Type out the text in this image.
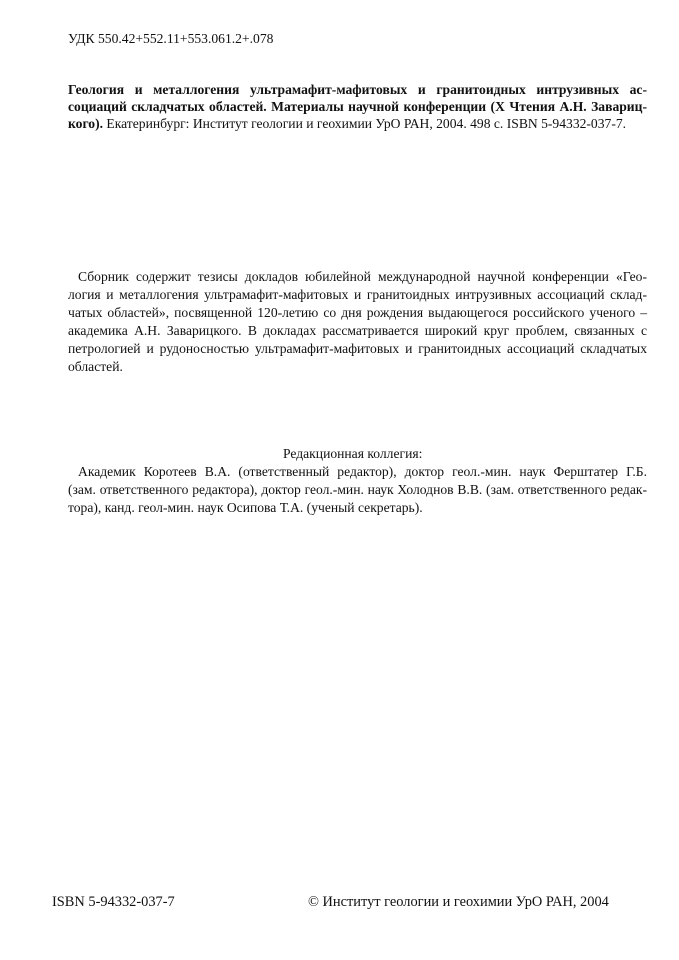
УДК 550.42+552.11+553.061.2+.078
Геология и металлогения ультрамафит-мафитовых и гранитоидных интрузивных ас-
социаций складчатых областей. Материалы научной конференции (X Чтения А.Н. Завариц-
кого). Екатеринбург: Институт геологии и геохимии УрО РАН, 2004. 498 с. ISBN 5-94332-037-7.
Сборник содержит тезисы докладов юбилейной международной научной конференции «Гео-
логия и металлогения ультрамафит-мафитовых и гранитоидных интрузивных ассоциаций склад-
чатых областей», посвященной 120-летию со дня рождения выдающегося российского ученого –
академика А.Н. Заварицкого. В докладах рассматривается широкий круг проблем, связанных с
петрологией и рудоносностью ультрамафит-мафитовых и гранитоидных ассоциаций складчатых
областей.
Редакционная коллегия:
Академик Коротеев В.А. (ответственный редактор), доктор геол.-мин. наук Ферштатер Г.Б.
(зам. ответственного редактора), доктор геол.-мин. наук Холоднов В.В. (зам. ответственного редак-
тора), канд. геол-мин. наук Осипова Т.А. (ученый секретарь).
ISBN 5-94332-037-7	© Институт геологии и геохимии УрО РАН, 2004
